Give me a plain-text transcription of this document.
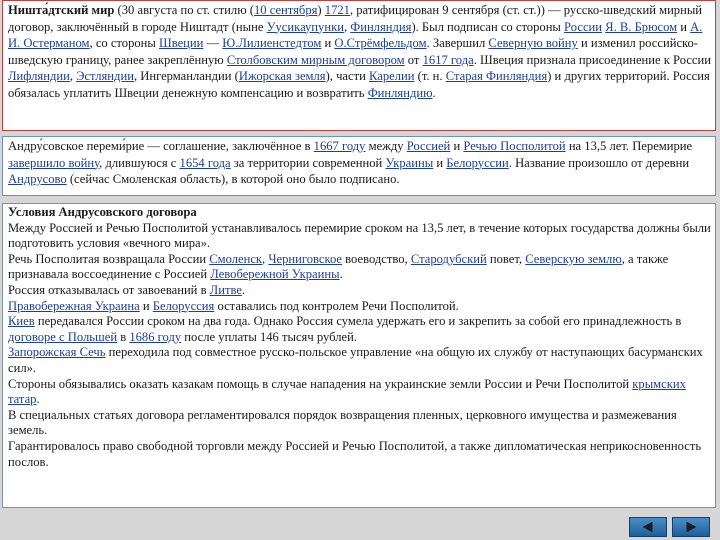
Ништа́дтский мир (30 августа по ст. стилю (10 сентября) 1721, ратифицирован 9 сентября (ст. ст.)) — русско-шведский мирный договор, заключённый в городе Ништадт (ныне Уусикаупунки, Финляндия). Был подписан со стороны России Я. В. Брюсом и А. И. Остерманом, со стороны Швеции — Ю.Лилиенстедтом и О.Стрёмфельдом. Завершил Северную войну и изменил российско-шведскую границу, ранее закреплённую Столбовским мирным договором от 1617 года. Швеция признала присоединение к России Лифляндии, Эстляндии, Ингерманландии (Ижорская земля), части Карелии (т. н. Старая Финляндия) и других территорий. Россия обязалась уплатить Швеции денежную компенсацию и возвратить Финляндию.
Андру́совское переми́рие — соглашение, заключённое в 1667 году между Россией и Речью Посполитой на 13,5 лет. Перемирие завершило войну, длившуюся с 1654 года за территории современной Украины и Белоруссии. Название произошло от деревни Андрусово (сейчас Смоленская область), в которой оно было подписано.
Условия Андрусовского договора
Между Россией и Речью Посполитой устанавливалось перемирие сроком на 13,5 лет, в течение которых государства должны были подготовить условия «вечного мира».
Речь Посполитая возвращала России Смоленск, Черниговское воеводство, Стародубский повет, Северскую землю, а также признавала воссоединение с Россией Левобережной Украины.
Россия отказывалась от завоеваний в Литве.
Правобережная Украина и Белоруссия оставались под контролем Речи Посполитой.
Киев передавался России сроком на два года. Однако Россия сумела удержать его и закрепить за собой его принадлежность в договоре с Польшей в 1686 году после уплаты 146 тысяч рублей.
Запорожская Сечь переходила под совместное русско-польское управление «на общую их службу от наступающих басурманских сил».
Стороны обязывались оказать казакам помощь в случае нападения на украинские земли России и Речи Посполитой крымских татар.
В специальных статьях договора регламентировался порядок возвращения пленных, церковного имущества и размежевания земель.
Гарантировалось право свободной торговли между Россией и Речью Посполитой, а также дипломатическая неприкосновенность послов.
